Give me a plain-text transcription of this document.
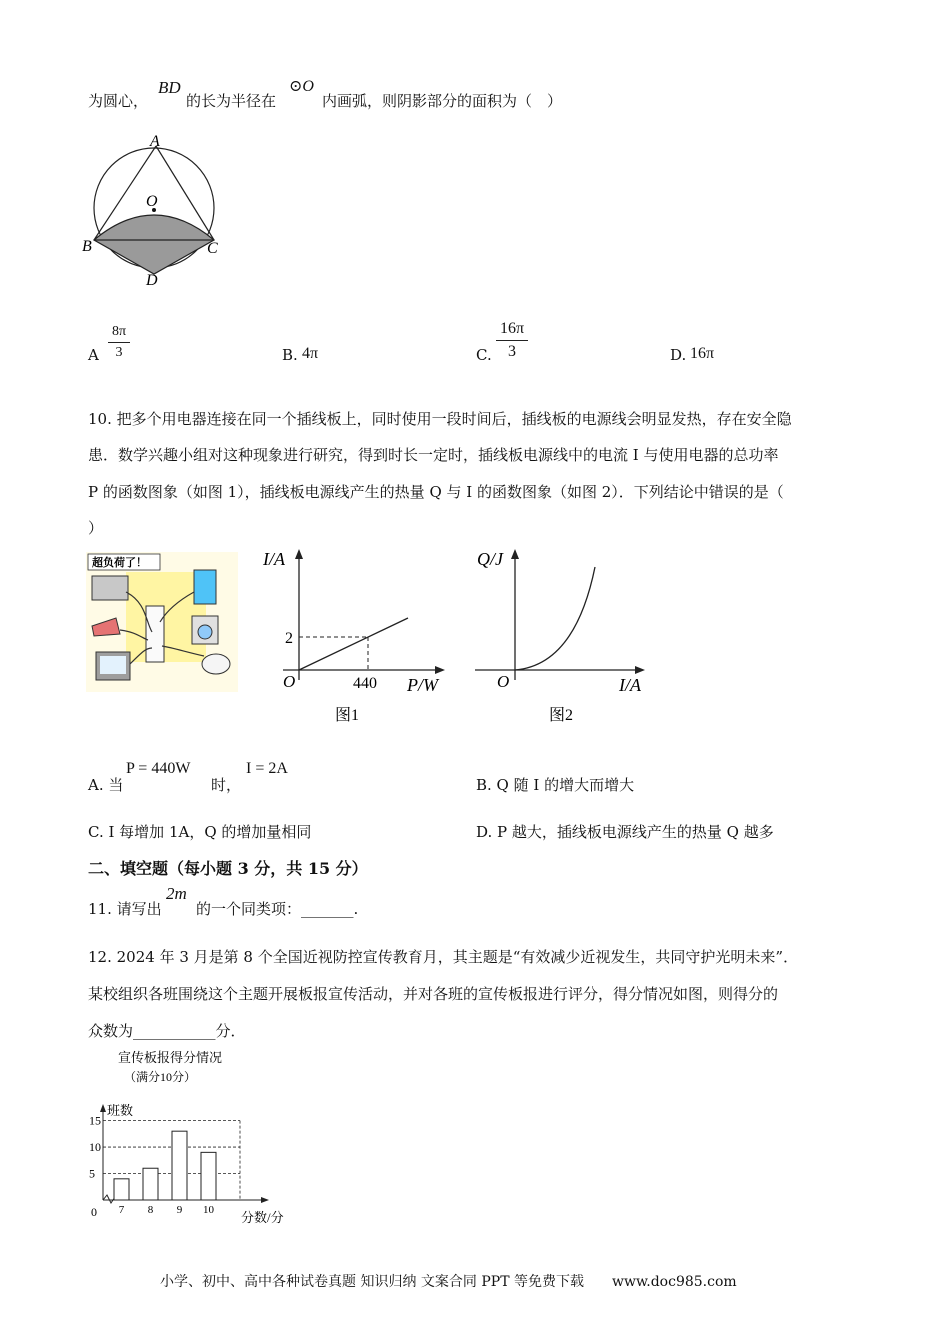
为圆心，
BD
的长为半径在
⊙O
内画弧，则阴影部分的面积为（　）
A
O
B	C
D
A
8π
3	B. 4π	C.
16π
3	D. 16π
10. 把多个用电器连接在同一个插线板上，同时使用一段时间后，插线板的电源线会明显发热，存在安全隐
患．数学兴趣小组对这种现象进行研究，得到时长一定时，插线板电源线中的电流 I 与使用电器的总功率
P 的函数图象（如图 1），插线板电源线产生的热量 Q 与 I 的函数图象（如图 2）．下列结论中错误的是（
）
超负荷了！	I/A
P/W
O
2
440
图1
Q/J
I/A
O
图2
A. 当
P = 440W
时，
I = 2A
B. Q 随 I 的增大而增大
C. I 每增加 1A，Q 的增加量相同	D. P 越大，插线板电源线产生的热量 Q 越多
二、填空题（每小题 3 分，共 15 分）
11. 请写出
2m
的一个同类项：_______.
12. 2024 年 3 月是第 8 个全国近视防控宣传教育月，其主题是“有效减少近视发生，共同守护光明未来”．
某校组织各班围绕这个主题开展板报宣传活动，并对各班的宣传板报进行评分，得分情况如图，则得分的
众数为___________分．
宣传板报得分情况
（满分10分）
班数
分数/分
0
5
10
15
7 8 9 10
小学、初中、高中各种试卷真题 知识归纳 文案合同 PPT 等免费下载　　www.doc985.com
